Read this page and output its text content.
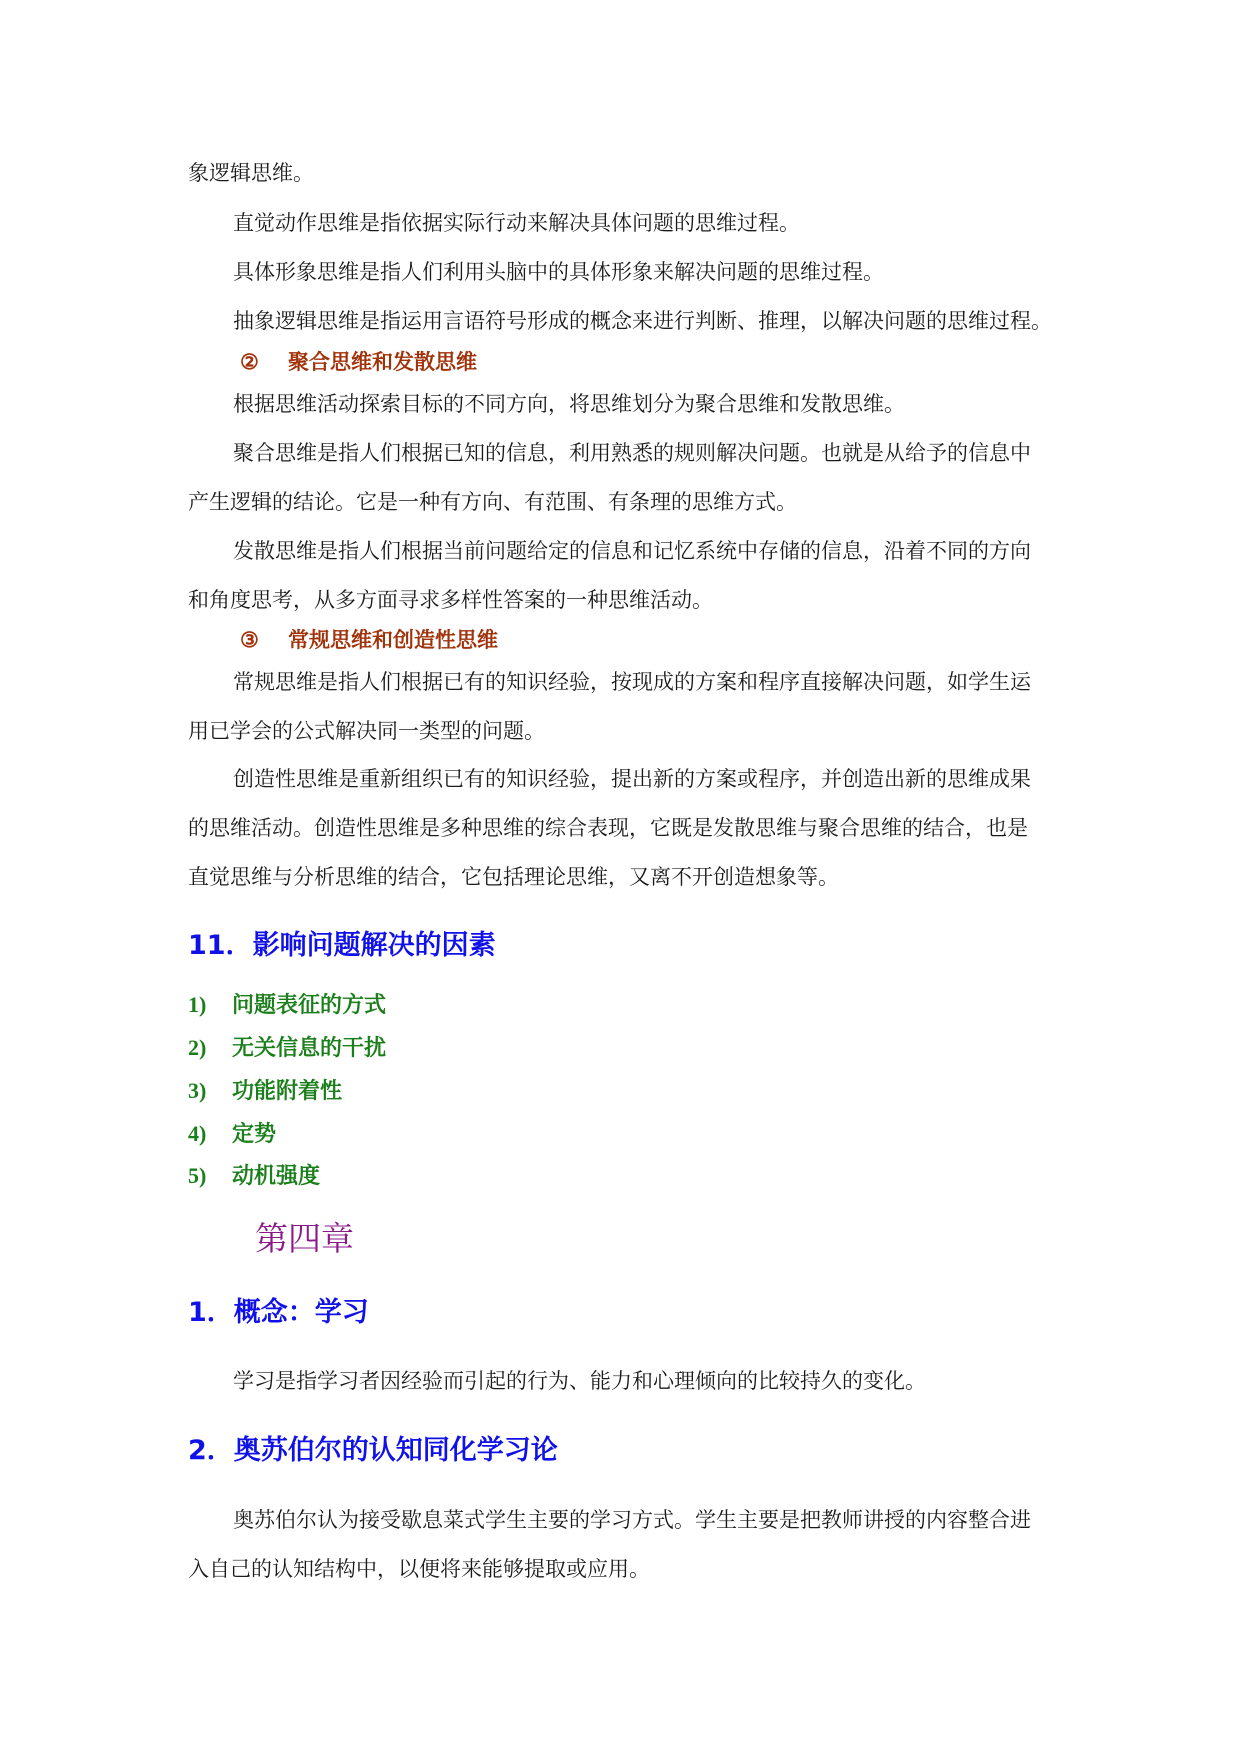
象逻辑思维。
直觉动作思维是指依据实际行动来解决具体问题的思维过程。
具体形象思维是指人们利用头脑中的具体形象来解决问题的思维过程。
抽象逻辑思维是指运用言语符号形成的概念来进行判断、推理，以解决问题的思维过程。
② 聚合思维和发散思维
根据思维活动探索目标的不同方向，将思维划分为聚合思维和发散思维。
聚合思维是指人们根据已知的信息，利用熟悉的规则解决问题。也就是从给予的信息中
产生逻辑的结论。它是一种有方向、有范围、有条理的思维方式。
发散思维是指人们根据当前问题给定的信息和记忆系统中存储的信息，沿着不同的方向
和角度思考，从多方面寻求多样性答案的一种思维活动。
③ 常规思维和创造性思维
常规思维是指人们根据已有的知识经验，按现成的方案和程序直接解决问题，如学生运
用已学会的公式解决同一类型的问题。
创造性思维是重新组织已有的知识经验，提出新的方案或程序，并创造出新的思维成果
的思维活动。创造性思维是多种思维的综合表现，它既是发散思维与聚合思维的结合，也是
直觉思维与分析思维的结合，它包括理论思维，又离不开创造想象等。
11．影响问题解决的因素
1) 问题表征的方式
2) 无关信息的干扰
3) 功能附着性
4) 定势
5) 动机强度
第四章
1．概念：学习
学习是指学习者因经验而引起的行为、能力和心理倾向的比较持久的变化。
2．奥苏伯尔的认知同化学习论
奥苏伯尔认为接受歇息菜式学生主要的学习方式。学生主要是把教师讲授的内容整合进
入自己的认知结构中，以便将来能够提取或应用。
